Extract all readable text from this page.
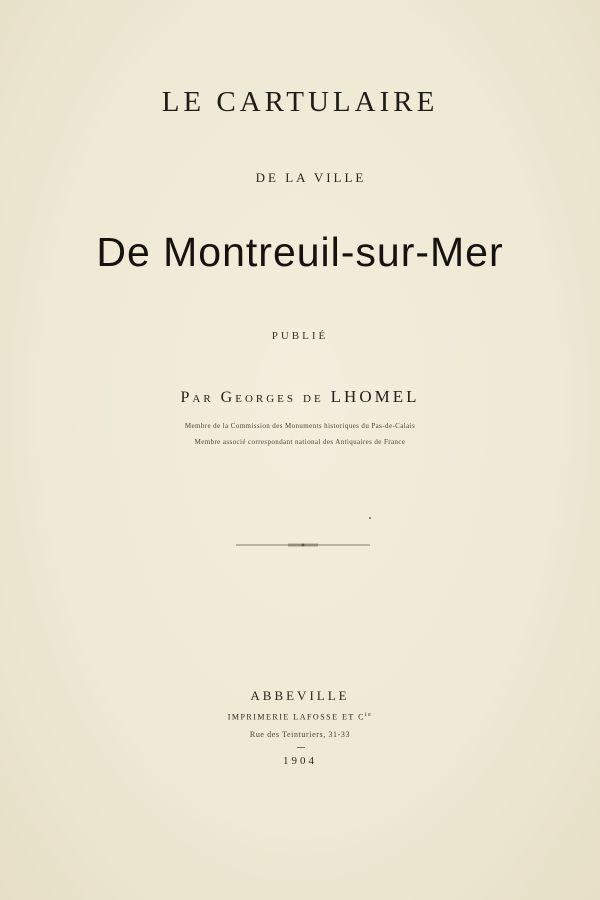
LE CARTULAIRE
DE LA VILLE
De Montreuil-sur-Mer
PUBLIÉ
Par Georges de LHOMEL
Membre de la Commission des Monuments historiques du Pas-de-Calais
Membre associé correspondant national des Antiquaires de France
ABBEVILLE
IMPRIMERIE LAFOSSE ET $C^{ie}$
Rue des Teinturiers, 31-33
1904
